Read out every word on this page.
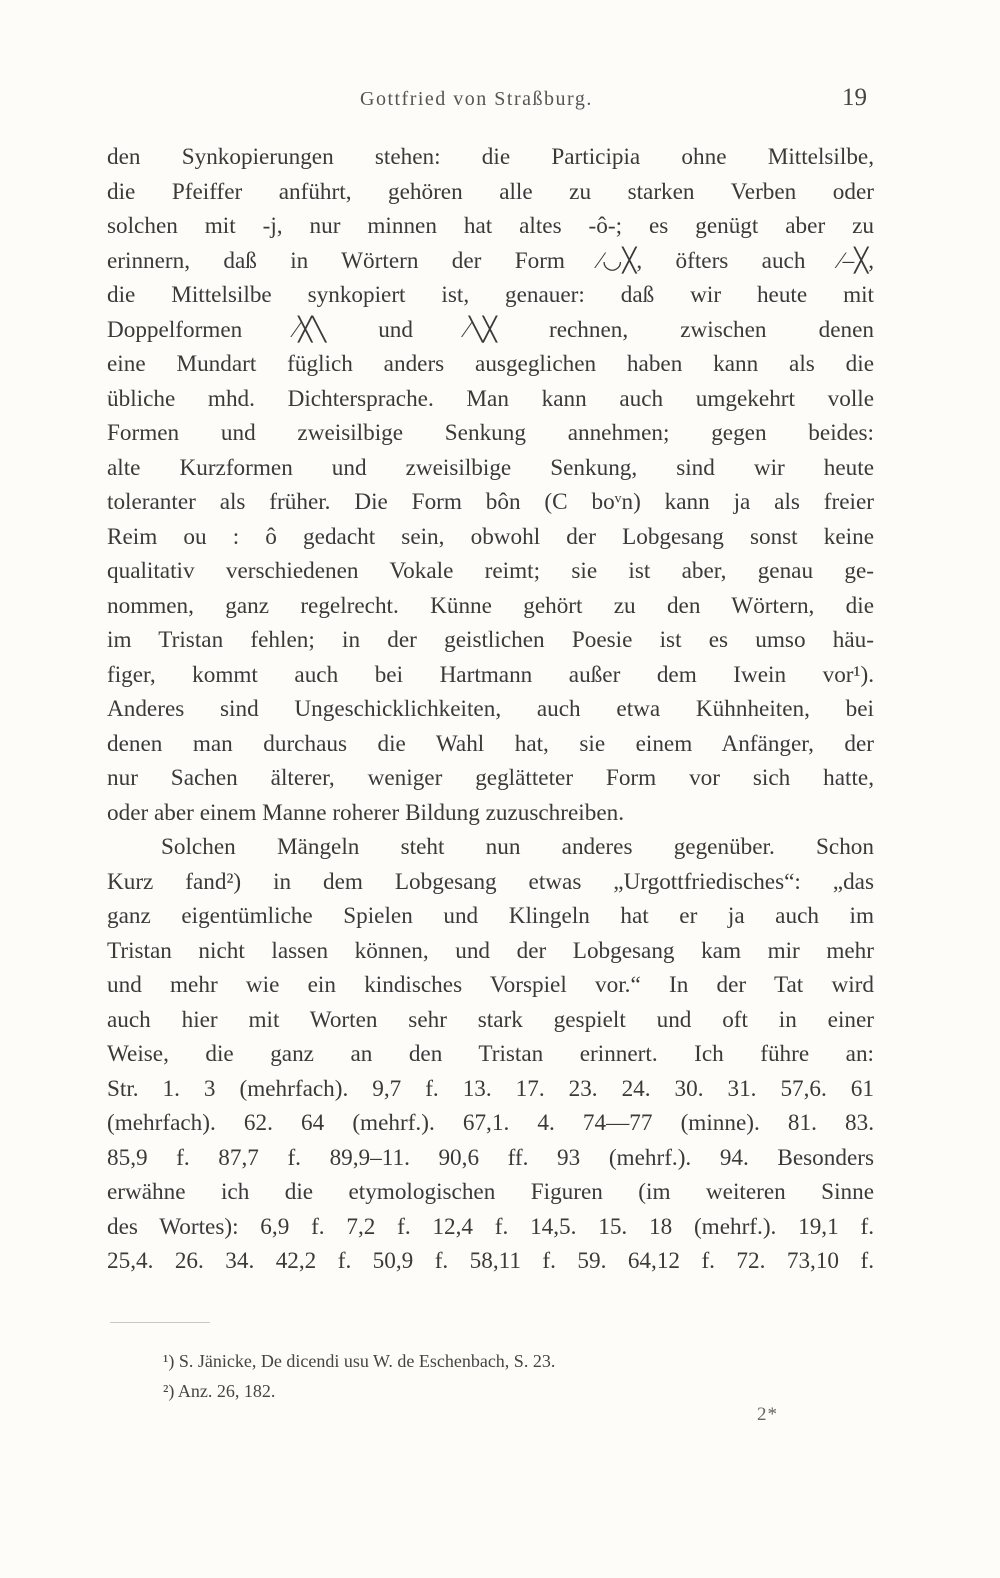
Gottfried von Straßburg.	19
den Synkopierungen stehen: die Participia ohne Mittelsilbe,
die Pfeiffer anführt, gehören alle zu starken Verben oder
solchen mit -j, nur minnen hat altes -ô-; es genügt aber zu
erinnern, daß in Wörtern der Form ⁄◡╳, öfters auch ⁄–╳,
die Mittelsilbe synkopiert ist, genauer: daß wir heute mit
Doppelformen ⁄╳╲ und ⁄╲╳ rechnen, zwischen denen
eine Mundart füglich anders ausgeglichen haben kann als die
übliche mhd. Dichtersprache. Man kann auch umgekehrt volle
Formen und zweisilbige Senkung annehmen; gegen beides:
alte Kurzformen und zweisilbige Senkung, sind wir heute
toleranter als früher. Die Form bôn (C boᵛn) kann ja als freier
Reim ou : ô gedacht sein, obwohl der Lobgesang sonst keine
qualitativ verschiedenen Vokale reimt; sie ist aber, genau ge-
nommen, ganz regelrecht. Künne gehört zu den Wörtern, die
im Tristan fehlen; in der geistlichen Poesie ist es umso häu-
figer, kommt auch bei Hartmann außer dem Iwein vor¹).
Anderes sind Ungeschicklichkeiten, auch etwa Kühnheiten, bei
denen man durchaus die Wahl hat, sie einem Anfänger, der
nur Sachen älterer, weniger geglätteter Form vor sich hatte,
oder aber einem Manne roherer Bildung zuzuschreiben.
Solchen Mängeln steht nun anderes gegenüber. Schon
Kurz fand²) in dem Lobgesang etwas „Urgottfriedisches“: „das
ganz eigentümliche Spielen und Klingeln hat er ja auch im
Tristan nicht lassen können, und der Lobgesang kam mir mehr
und mehr wie ein kindisches Vorspiel vor.“ In der Tat wird
auch hier mit Worten sehr stark gespielt und oft in einer
Weise, die ganz an den Tristan erinnert. Ich führe an:
Str. 1. 3 (mehrfach). 9,7 f. 13. 17. 23. 24. 30. 31. 57,6. 61
(mehrfach). 62. 64 (mehrf.). 67,1. 4. 74—77 (minne). 81. 83.
85,9 f. 87,7 f. 89,9–11. 90,6 ff. 93 (mehrf.). 94. Besonders
erwähne ich die etymologischen Figuren (im weiteren Sinne
des Wortes): 6,9 f. 7,2 f. 12,4 f. 14,5. 15. 18 (mehrf.). 19,1 f.
25,4. 26. 34. 42,2 f. 50,9 f. 58,11 f. 59. 64,12 f. 72. 73,10 f.
¹) S. Jänicke, De dicendi usu W. de Eschenbach, S. 23.
²) Anz. 26, 182.
2*
